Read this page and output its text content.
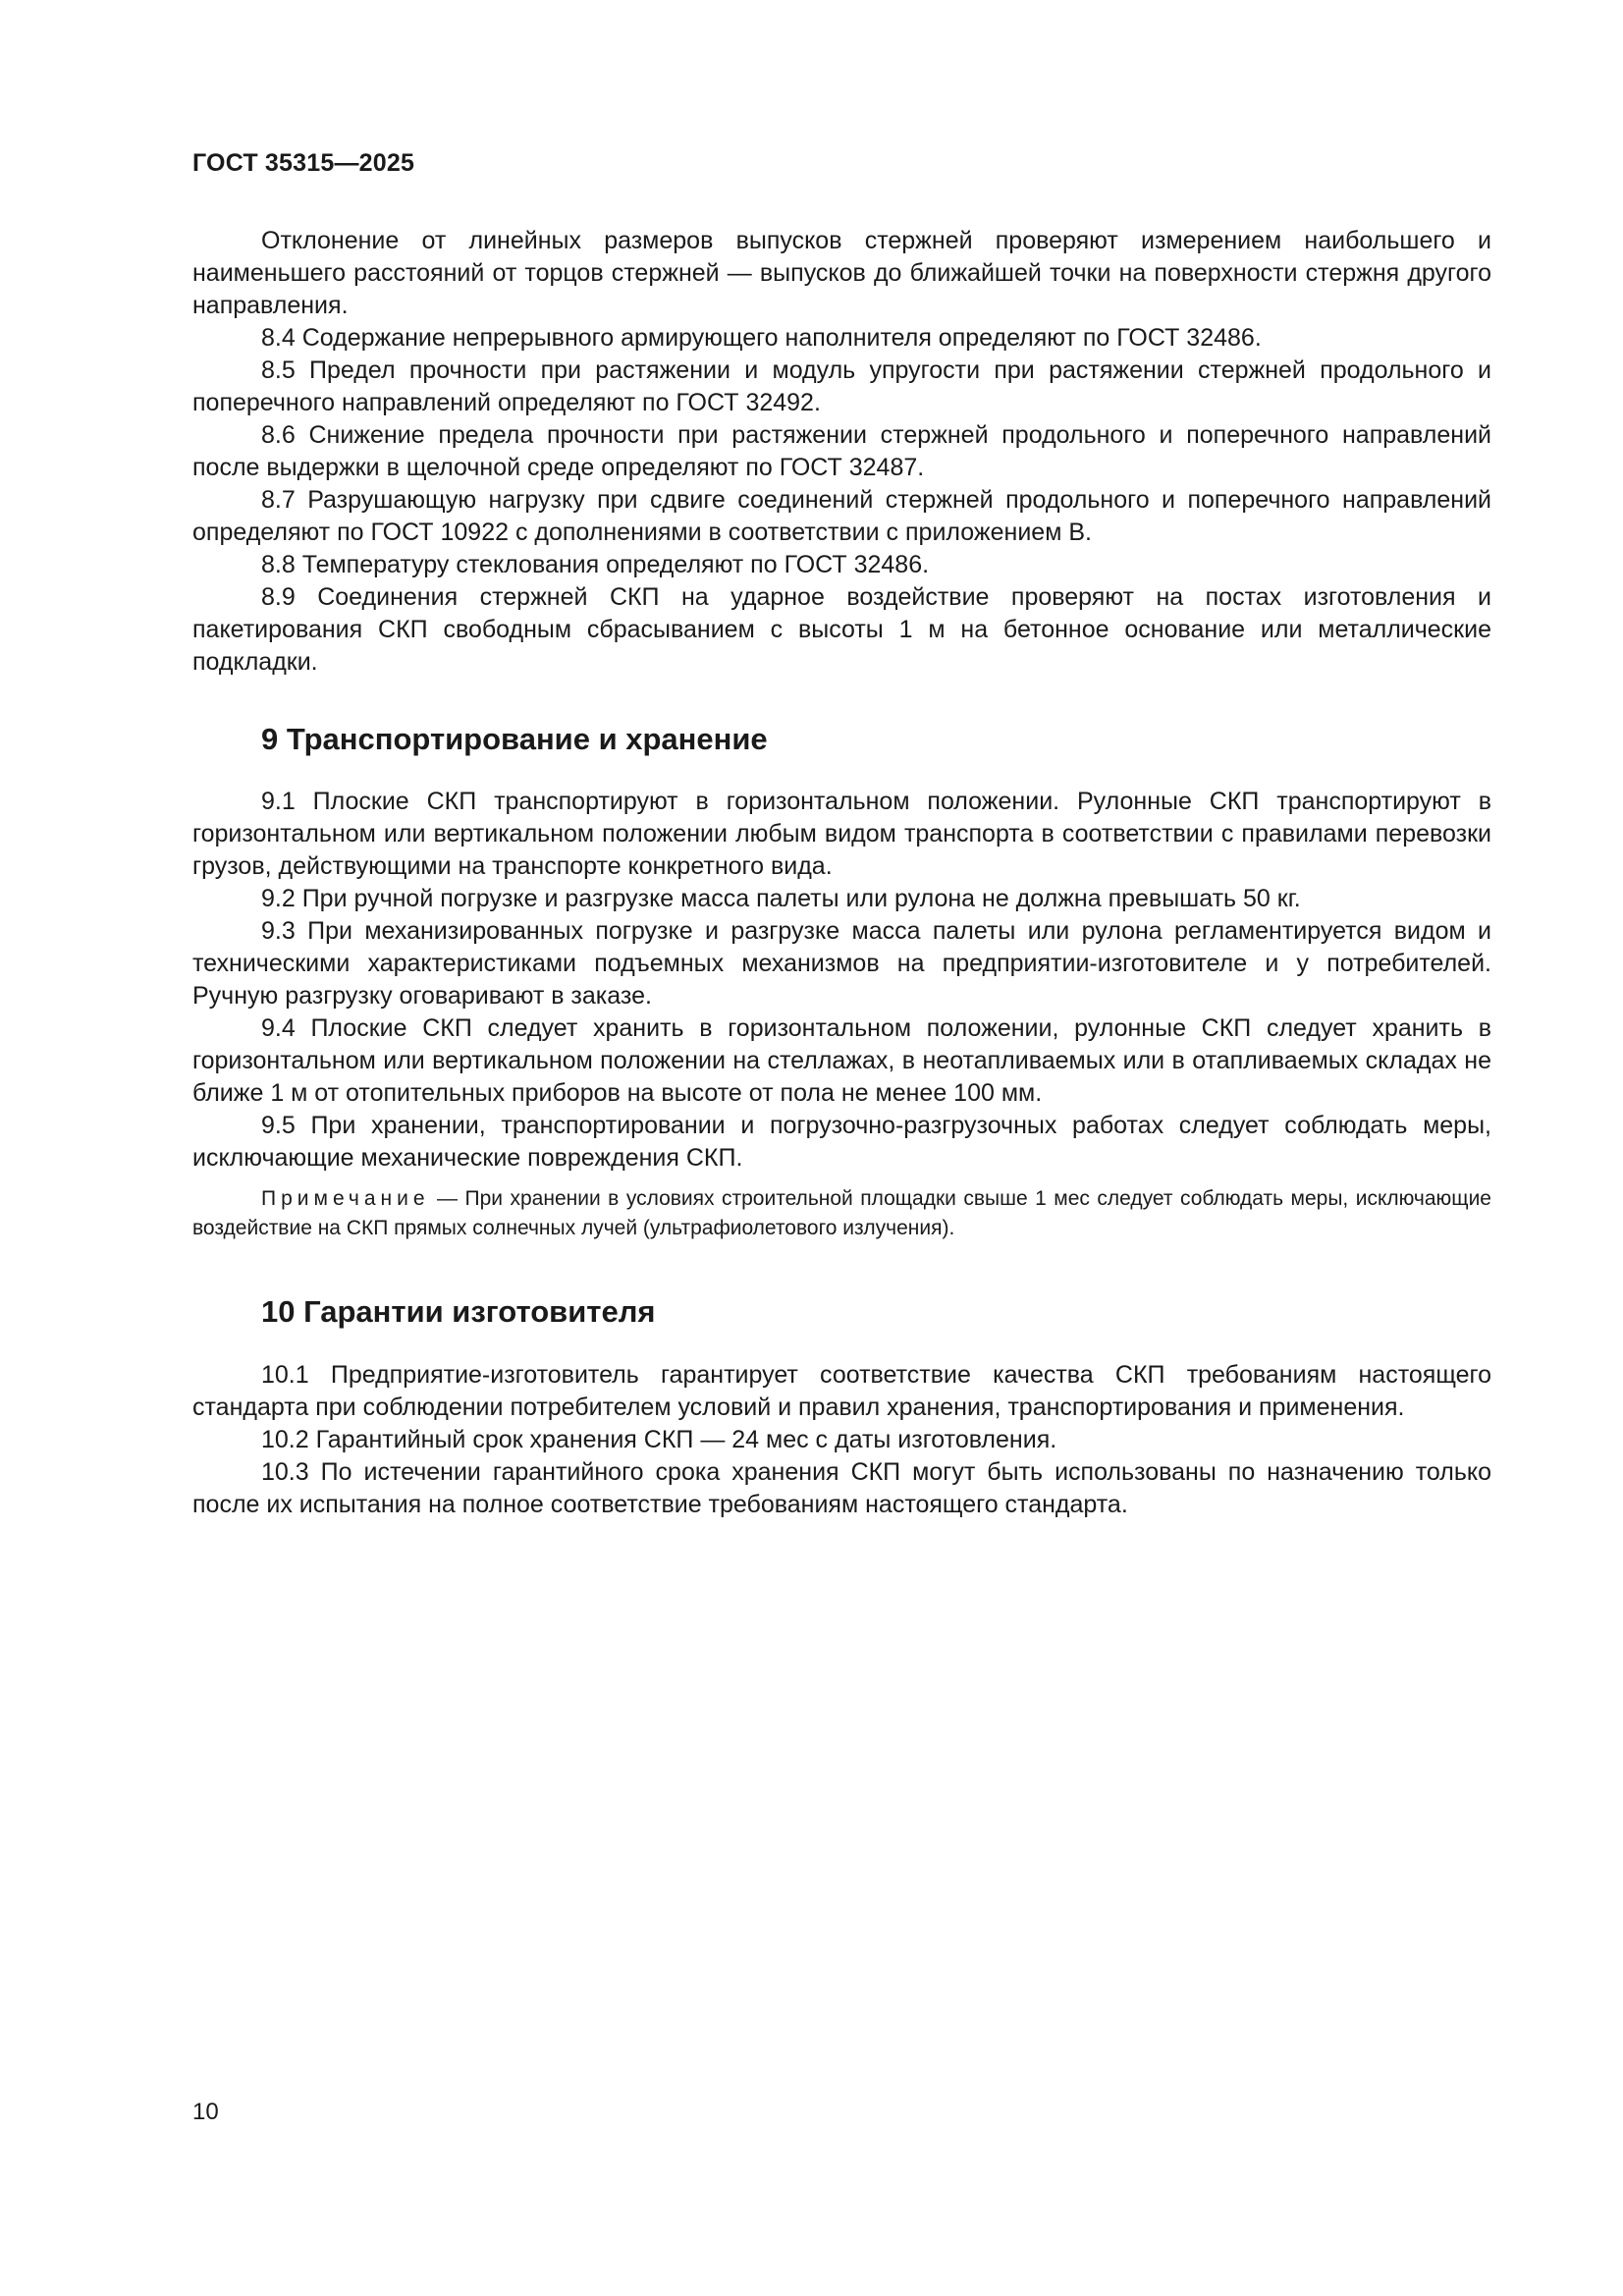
ГОСТ 35315—2025

Отклонение от линейных размеров выпусков стержней проверяют измерением наибольшего и наименьшего расстояний от торцов стержней — выпусков до ближайшей точки на поверхности стержня другого направления.

8.4 Содержание непрерывного армирующего наполнителя определяют по ГОСТ 32486.

8.5 Предел прочности при растяжении и модуль упругости при растяжении стержней продольного и поперечного направлений определяют по ГОСТ 32492.

8.6 Снижение предела прочности при растяжении стержней продольного и поперечного направлений после выдержки в щелочной среде определяют по ГОСТ 32487.

8.7 Разрушающую нагрузку при сдвиге соединений стержней продольного и поперечного направлений определяют по ГОСТ 10922 с дополнениями в соответствии с приложением В.

8.8 Температуру стеклования определяют по ГОСТ 32486.

8.9 Соединения стержней СКП на ударное воздействие проверяют на постах изготовления и пакетирования СКП свободным сбрасыванием с высоты 1 м на бетонное основание или металлические подкладки.

9 Транспортирование и хранение

9.1 Плоские СКП транспортируют в горизонтальном положении. Рулонные СКП транспортируют в горизонтальном или вертикальном положении любым видом транспорта в соответствии с правилами перевозки грузов, действующими на транспорте конкретного вида.

9.2 При ручной погрузке и разгрузке масса палеты или рулона не должна превышать 50 кг.

9.3 При механизированных погрузке и разгрузке масса палеты или рулона регламентируется видом и техническими характеристиками подъемных механизмов на предприятии-изготовителе и у потребителей. Ручную разгрузку оговаривают в заказе.

9.4 Плоские СКП следует хранить в горизонтальном положении, рулонные СКП следует хранить в горизонтальном или вертикальном положении на стеллажах, в неотапливаемых или в отапливаемых складах не ближе 1 м от отопительных приборов на высоте от пола не менее 100 мм.

9.5 При хранении, транспортировании и погрузочно-разгрузочных работах следует соблюдать меры, исключающие механические повреждения СКП.

Примечание — При хранении в условиях строительной площадки свыше 1 мес следует соблюдать меры, исключающие воздействие на СКП прямых солнечных лучей (ультрафиолетового излучения).
10 Гарантии изготовителя

10.1 Предприятие-изготовитель гарантирует соответствие качества СКП требованиям настоящего стандарта при соблюдении потребителем условий и правил хранения, транспортирования и применения.

10.2 Гарантийный срок хранения СКП — 24 мес с даты изготовления.

10.3 По истечении гарантийного срока хранения СКП могут быть использованы по назначению только после их испытания на полное соответствие требованиям настоящего стандарта.

10
